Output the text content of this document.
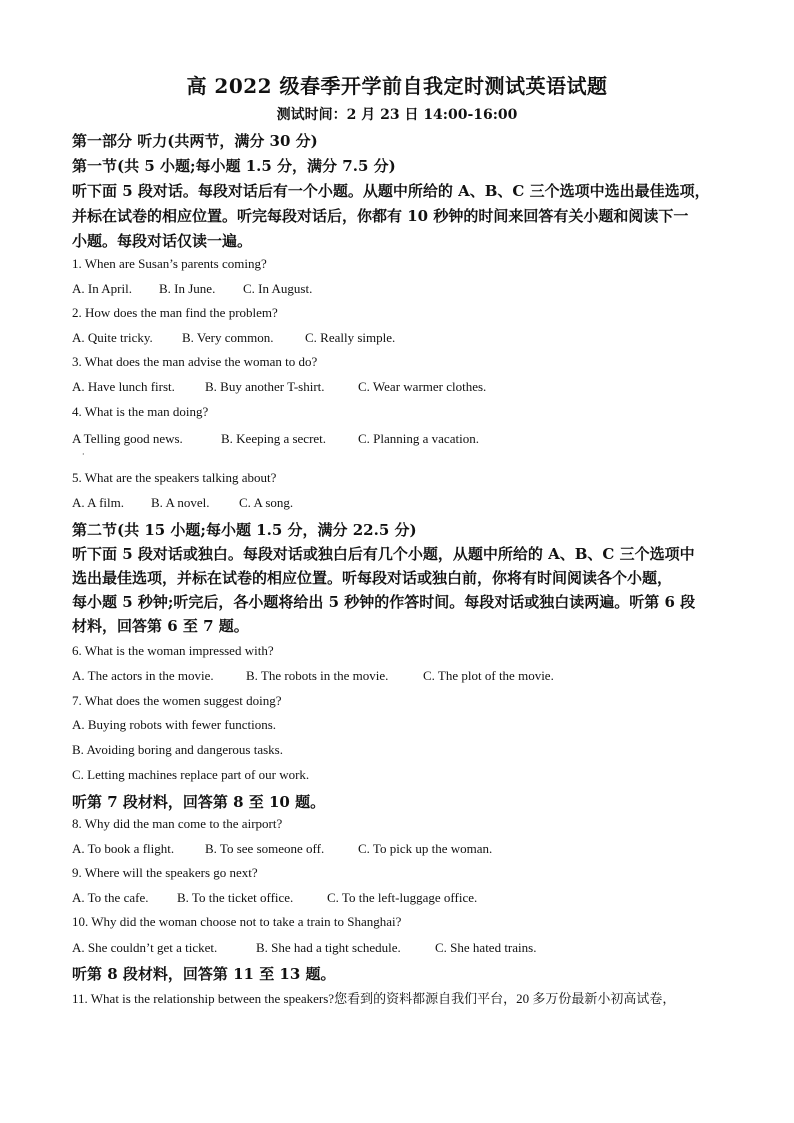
高 2022 级春季开学前自我定时测试英语试题
测试时间：2 月 23 日 14:00-16:00
第一部分 听力(共两节，满分 30 分)
第一节(共 5 小题;每小题 1.5 分，满分 7.5 分)
听下面 5 段对话。每段对话后有一个小题。从题中所给的 A、B、C 三个选项中选出最佳选项，
并标在试卷的相应位置。听完每段对话后，你都有 10 秒钟的时间来回答有关小题和阅读下一
小题。每段对话仅读一遍。
1. When are Susan’s parents coming?
A. In April. B. In June. C. In August.
2. How does the man find the problem?
A. Quite tricky. B. Very common. C. Really simple.
3. What does the man advise the woman to do?
A. Have lunch first. B. Buy another T-shirt.	C. Wear warmer clothes.
4. What is the man doing?
A Telling good news.	B. Keeping a secret. C. Planning a vacation.
·
5. What are the speakers talking about?
A. A film. B. A novel. C. A song.
第二节(共 15 小题;每小题 1.5 分，满分 22.5 分)
听下面 5 段对话或独白。每段对话或独白后有几个小题，从题中所给的 A、B、C 三个选项中
选出最佳选项，并标在试卷的相应位置。听每段对话或独白前，你将有时间阅读各个小题，
每小题 5 秒钟;听完后，各小题将给出 5 秒钟的作答时间。每段对话或独白读两遍。听第 6 段
材料，回答第 6 至 7 题。
6. What is the woman impressed with?
A. The actors in the movie. B. The robots in the movie.	C. The plot of the movie.
7. What does the women suggest doing?
A. Buying robots with fewer functions.
B. Avoiding boring and dangerous tasks.
C. Letting machines replace part of our work.
听第 7 段材料，回答第 8 至 10 题。
8. Why did the man come to the airport?
A. To book a flight. B. To see someone off.	C. To pick up the woman.
9. Where will the speakers go next?
A. To the cafe. B. To the ticket office.	C. To the left-luggage office.
10. Why did the woman choose not to take a train to Shanghai?
A. She couldn’t get a ticket.	B. She had a tight schedule.	C. She hated trains.
听第 8 段材料，回答第 11 至 13 题。
11. What is the relationship between the speakers?您看到的资料都源自我们平台，20 多万份最新小初高试卷，
